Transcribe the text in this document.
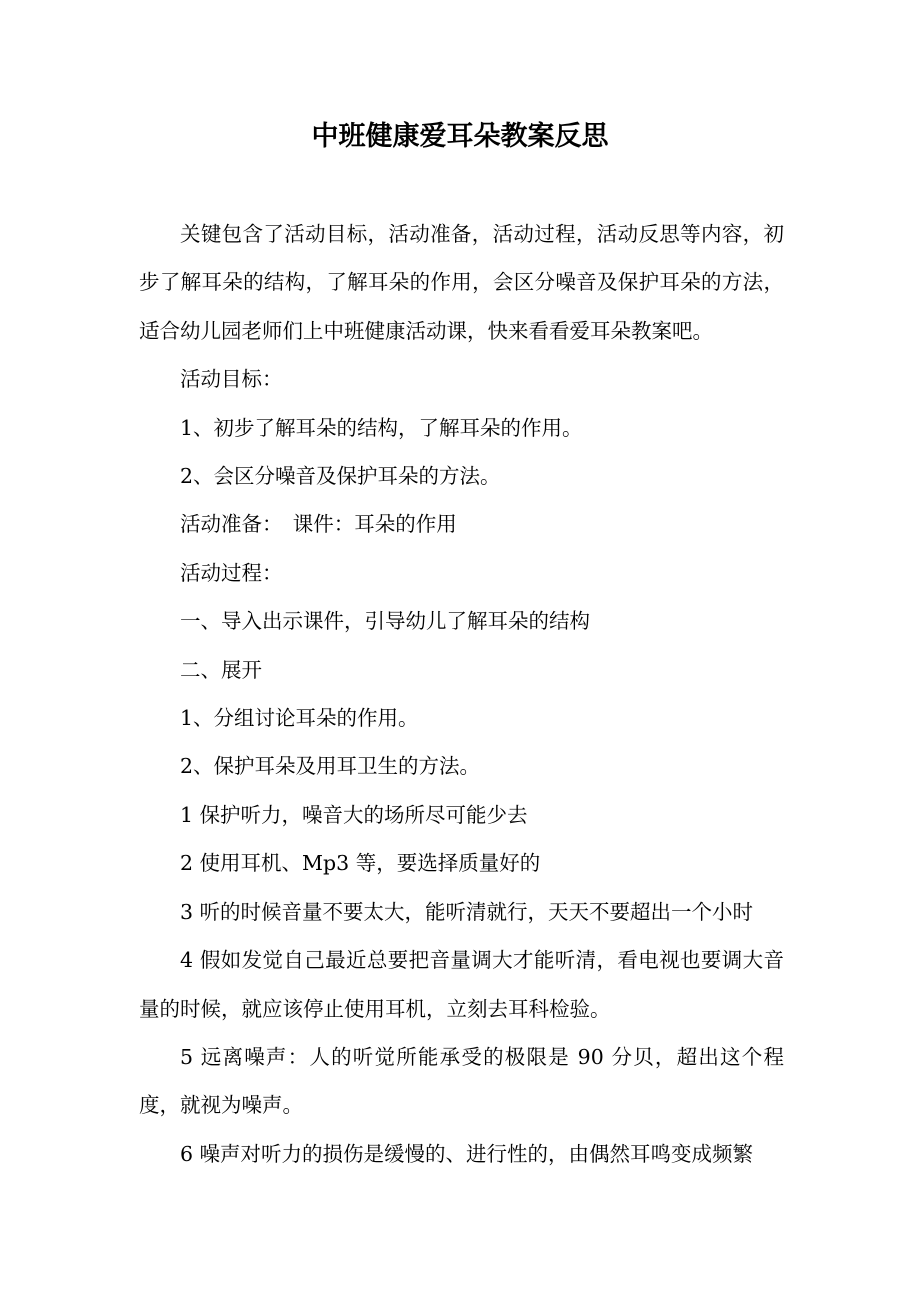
中班健康爱耳朵教案反思

关键包含了活动目标，活动准备，活动过程，活动反思等内容，初步了解耳朵的结构，了解耳朵的作用，会区分噪音及保护耳朵的方法，适合幼儿园老师们上中班健康活动课，快来看看爱耳朵教案吧。

活动目标：

1、初步了解耳朵的结构，了解耳朵的作用。

2、会区分噪音及保护耳朵的方法。

活动准备：　课件：耳朵的作用

活动过程：

一、导入出示课件，引导幼儿了解耳朵的结构

二、展开

1、分组讨论耳朵的作用。

2、保护耳朵及用耳卫生的方法。

1 保护听力，噪音大的场所尽可能少去

2 使用耳机、Mp3 等，要选择质量好的

3 听的时候音量不要太大，能听清就行，天天不要超出一个小时

4 假如发觉自己最近总要把音量调大才能听清，看电视也要调大音量的时候，就应该停止使用耳机，立刻去耳科检验。

5 远离噪声：人的听觉所能承受的极限是 90 分贝，超出这个程度，就视为噪声。

6 噪声对听力的损伤是缓慢的、进行性的，由偶然耳鸣变成频繁
